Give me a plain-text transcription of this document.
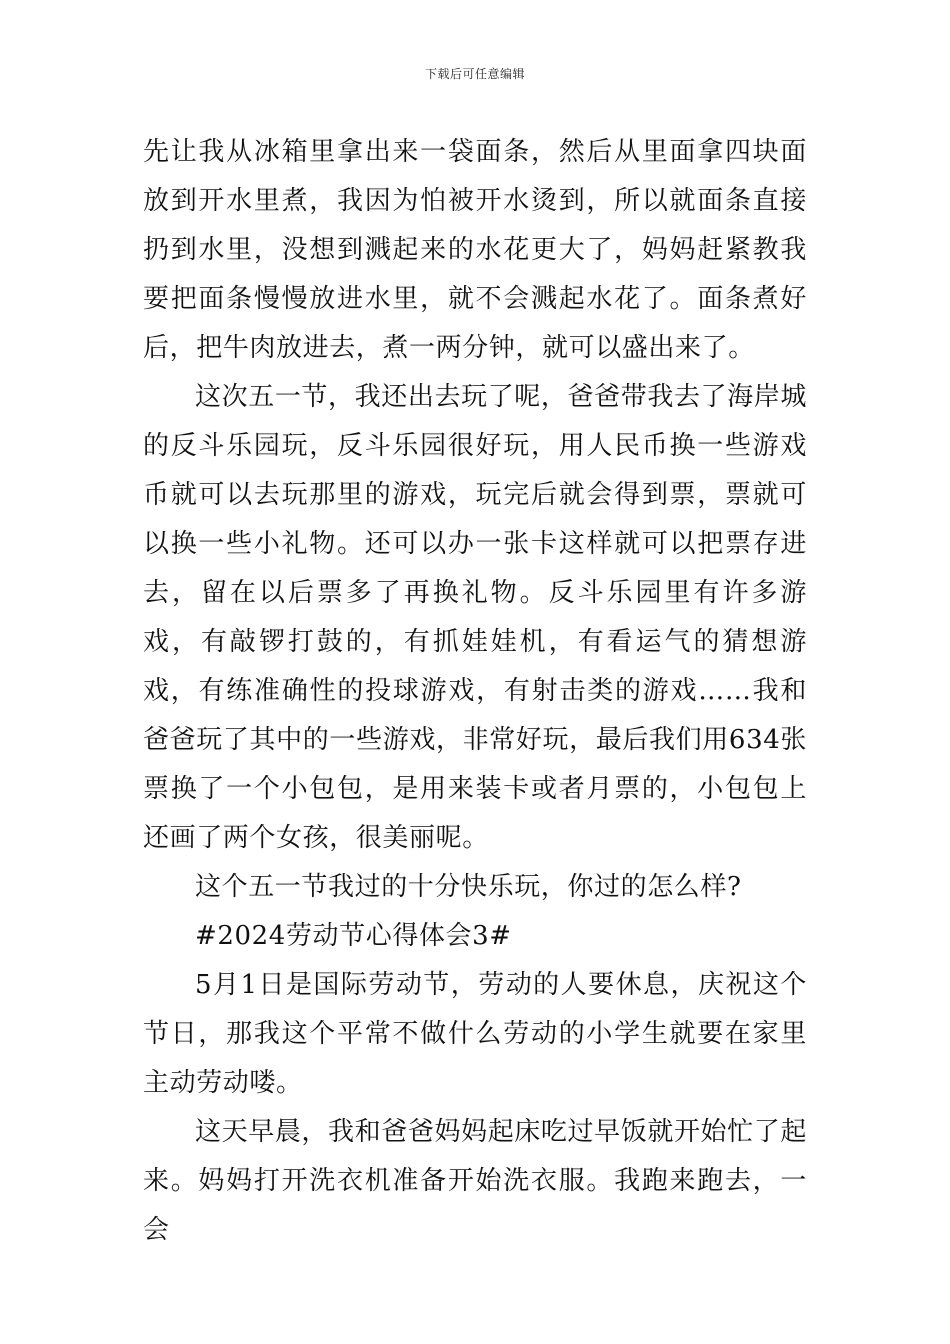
下载后可任意编辑

先让我从冰箱里拿出来一袋面条，然后从里面拿四块面放到开水里煮，我因为怕被开水烫到，所以就面条直接扔到水里，没想到溅起来的水花更大了，妈妈赶紧教我要把面条慢慢放进水里，就不会溅起水花了。面条煮好后，把牛肉放进去，煮一两分钟，就可以盛出来了。

这次五一节，我还出去玩了呢，爸爸带我去了海岸城的反斗乐园玩，反斗乐园很好玩，用人民币换一些游戏币就可以去玩那里的游戏，玩完后就会得到票，票就可以换一些小礼物。还可以办一张卡这样就可以把票存进去，留在以后票多了再换礼物。反斗乐园里有许多游戏，有敲锣打鼓的，有抓娃娃机，有看运气的猜想游戏，有练准确性的投球游戏，有射击类的游戏……我和爸爸玩了其中的一些游戏，非常好玩，最后我们用634张票换了一个小包包，是用来装卡或者月票的，小包包上还画了两个女孩，很美丽呢。

这个五一节我过的十分快乐玩，你过的怎么样?

#2024劳动节心得体会3#

5月1日是国际劳动节，劳动的人要休息，庆祝这个节日，那我这个平常不做什么劳动的小学生就要在家里主动劳动喽。

这天早晨，我和爸爸妈妈起床吃过早饭就开始忙了起来。妈妈打开洗衣机准备开始洗衣服。我跑来跑去，一会
